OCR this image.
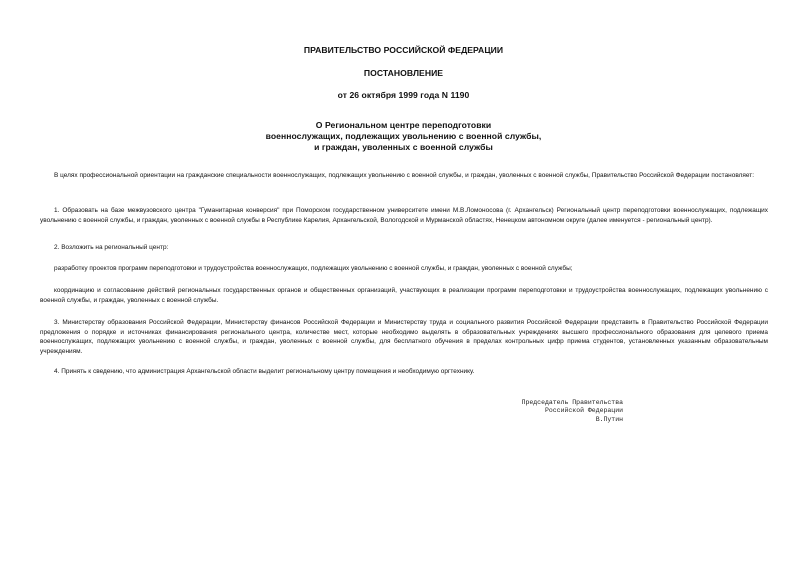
ПРАВИТЕЛЬСТВО РОССИЙСКОЙ ФЕДЕРАЦИИ
ПОСТАНОВЛЕНИЕ
от 26 октября 1999 года N 1190
О Региональном центре переподготовки
военнослужащих, подлежащих увольнению с военной службы,
и граждан, уволенных с военной службы
В целях профессиональной ориентации на гражданские специальности военнослужащих, подлежащих увольнению с военной службы, и граждан, уволенных с военной службы, Правительство Российской Федерации постановляет:
1. Образовать на базе межвузовского центра "Гуманитарная конверсия" при Поморском государственном университете имени М.В.Ломоносова (г. Архангельск) Региональный центр переподготовки военнослужащих, подлежащих увольнению с военной службы, и граждан, уволенных с военной службы в Республике Карелия, Архангельской, Вологодской и Мурманской областях, Ненецком автономном округе (далее именуется - региональный центр).
2. Возложить на региональный центр:
разработку проектов программ переподготовки и трудоустройства военнослужащих, подлежащих увольнению с военной службы, и граждан, уволенных с военной службы;
координацию и согласование действий региональных государственных органов и общественных организаций, участвующих в реализации программ переподготовки и трудоустройства военнослужащих, подлежащих увольнению с военной службы, и граждан, уволенных с военной службы.
3. Министерству образования Российской Федерации, Министерству финансов Российской Федерации и Министерству труда и социального развития Российской Федерации представить в Правительство Российской Федерации предложения о порядке и источниках финансирования регионального центра, количестве мест, которые необходимо выделять в образовательных учреждениях высшего профессионального образования для целевого приема военнослужащих, подлежащих увольнению с военной службы, и граждан, уволенных с военной службы, для бесплатного обучения в пределах контрольных цифр приема студентов, установленных указанным образовательным учреждениям.
4. Принять к сведению, что администрация Архангельской области выделит региональному центру помещения и необходимую оргтехнику.
Председатель Правительства
Российской Федерации
В.Путин
